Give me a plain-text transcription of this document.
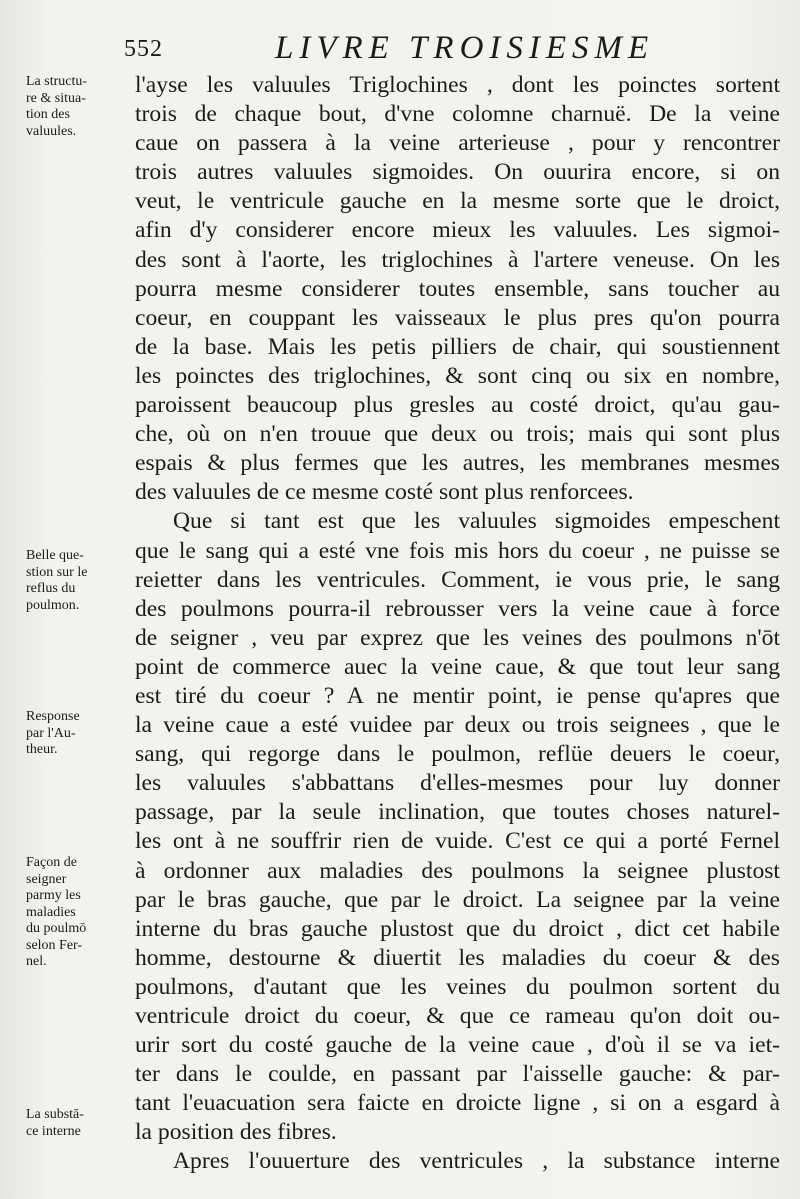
552	LIVRE TROISIESME
l'ayse les valuules Triglochines , dont les poinctes sortent
trois de chaque bout, d'vne colomne charnuë. De la veine
caue on passera à la veine arterieuse , pour y rencontrer
trois autres valuules sigmoides. On ouurira encore, si on
veut, le ventricule gauche en la mesme sorte que le droict,
afin d'y considerer encore mieux les valuules. Les sigmoi-
des sont à l'aorte, les triglochines à l'artere veneuse. On les
pourra mesme considerer toutes ensemble, sans toucher au
coeur, en couppant les vaisseaux le plus pres qu'on pourra
de la base. Mais les petis pilliers de chair, qui soustiennent
les poinctes des triglochines, & sont cinq ou six en nombre,
paroissent beaucoup plus gresles au costé droict, qu'au gau-
che, où on n'en trouue que deux ou trois; mais qui sont plus
espais & plus fermes que les autres, les membranes mesmes
des valuules de ce mesme costé sont plus renforcees.
Que si tant est que les valuules sigmoides empeschent
que le sang qui a esté vne fois mis hors du coeur , ne puisse se
reietter dans les ventricules. Comment, ie vous prie, le sang
des poulmons pourra-il rebrousser vers la veine caue à force
de seigner , veu par exprez que les veines des poulmons n'ōt
point de commerce auec la veine caue, & que tout leur sang
est tiré du coeur ? A ne mentir point, ie pense qu'apres que
la veine caue a esté vuidee par deux ou trois seignees , que le
sang, qui regorge dans le poulmon, reflüe deuers le coeur,
les valuules s'abbattans d'elles-mesmes pour luy donner
passage, par la seule inclination, que toutes choses naturel-
les ont à ne souffrir rien de vuide. C'est ce qui a porté Fernel
à ordonner aux maladies des poulmons la seignee plustost
par le bras gauche, que par le droict. La seignee par la veine
interne du bras gauche plustost que du droict , dict cet habile
homme, destourne & diuertit les maladies du coeur & des
poulmons, d'autant que les veines du poulmon sortent du
ventricule droict du coeur, & que ce rameau qu'on doit ou-
urir sort du costé gauche de la veine caue , d'où il se va iet-
ter dans le coulde, en passant par l'aisselle gauche: & par-
tant l'euacuation sera faicte en droicte ligne , si on a esgard à
la position des fibres.
Apres l'ouuerture des ventricules , la substance interne
La structu-
re & situa-
tion des
valuules.
Belle que-
stion sur le
reflus du
poulmon.
Response
par l'Au-
theur.
Façon de
seigner
parmy les
maladies
du poulmō
selon Fer-
nel.
La substā-
ce interne
